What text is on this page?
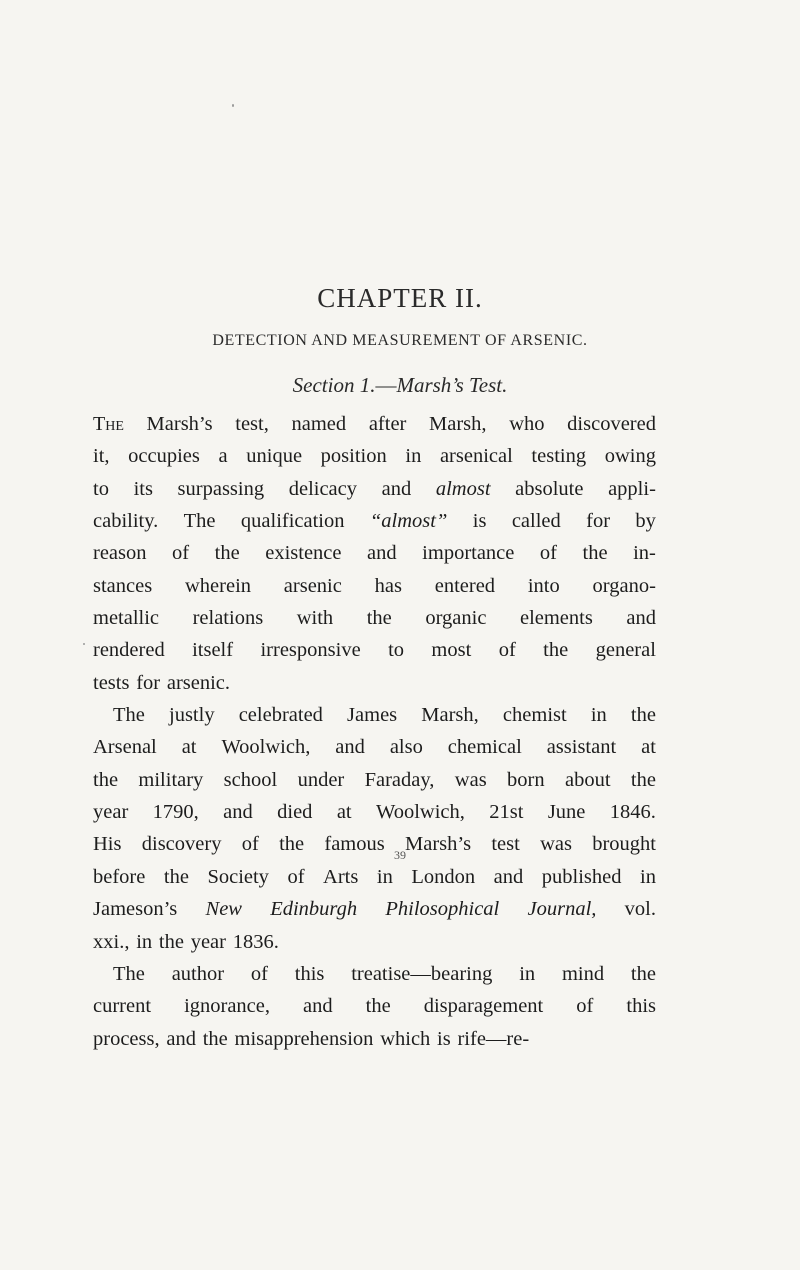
CHAPTER II.
DETECTION AND MEASUREMENT OF ARSENIC.
Section 1.—Marsh’s Test.
The Marsh’s test, named after Marsh, who discovered
it, occupies a unique position in arsenical testing owing
to its surpassing delicacy and almost absolute appli-
cability. The qualification “almost” is called for by
reason of the existence and importance of the in-
stances wherein arsenic has entered into organo-
metallic relations with the organic elements and
rendered itself irresponsive to most of the general
tests for arsenic.
The justly celebrated James Marsh, chemist in the
Arsenal at Woolwich, and also chemical assistant at
the military school under Faraday, was born about the
year 1790, and died at Woolwich, 21st June 1846.
His discovery of the famous Marsh’s test was brought
before the Society of Arts in London and published in
Jameson’s New Edinburgh Philosophical Journal, vol.
xxi., in the year 1836.
The author of this treatise—bearing in mind the
current ignorance, and the disparagement of this
process, and the misapprehension which is rife—re-
39
